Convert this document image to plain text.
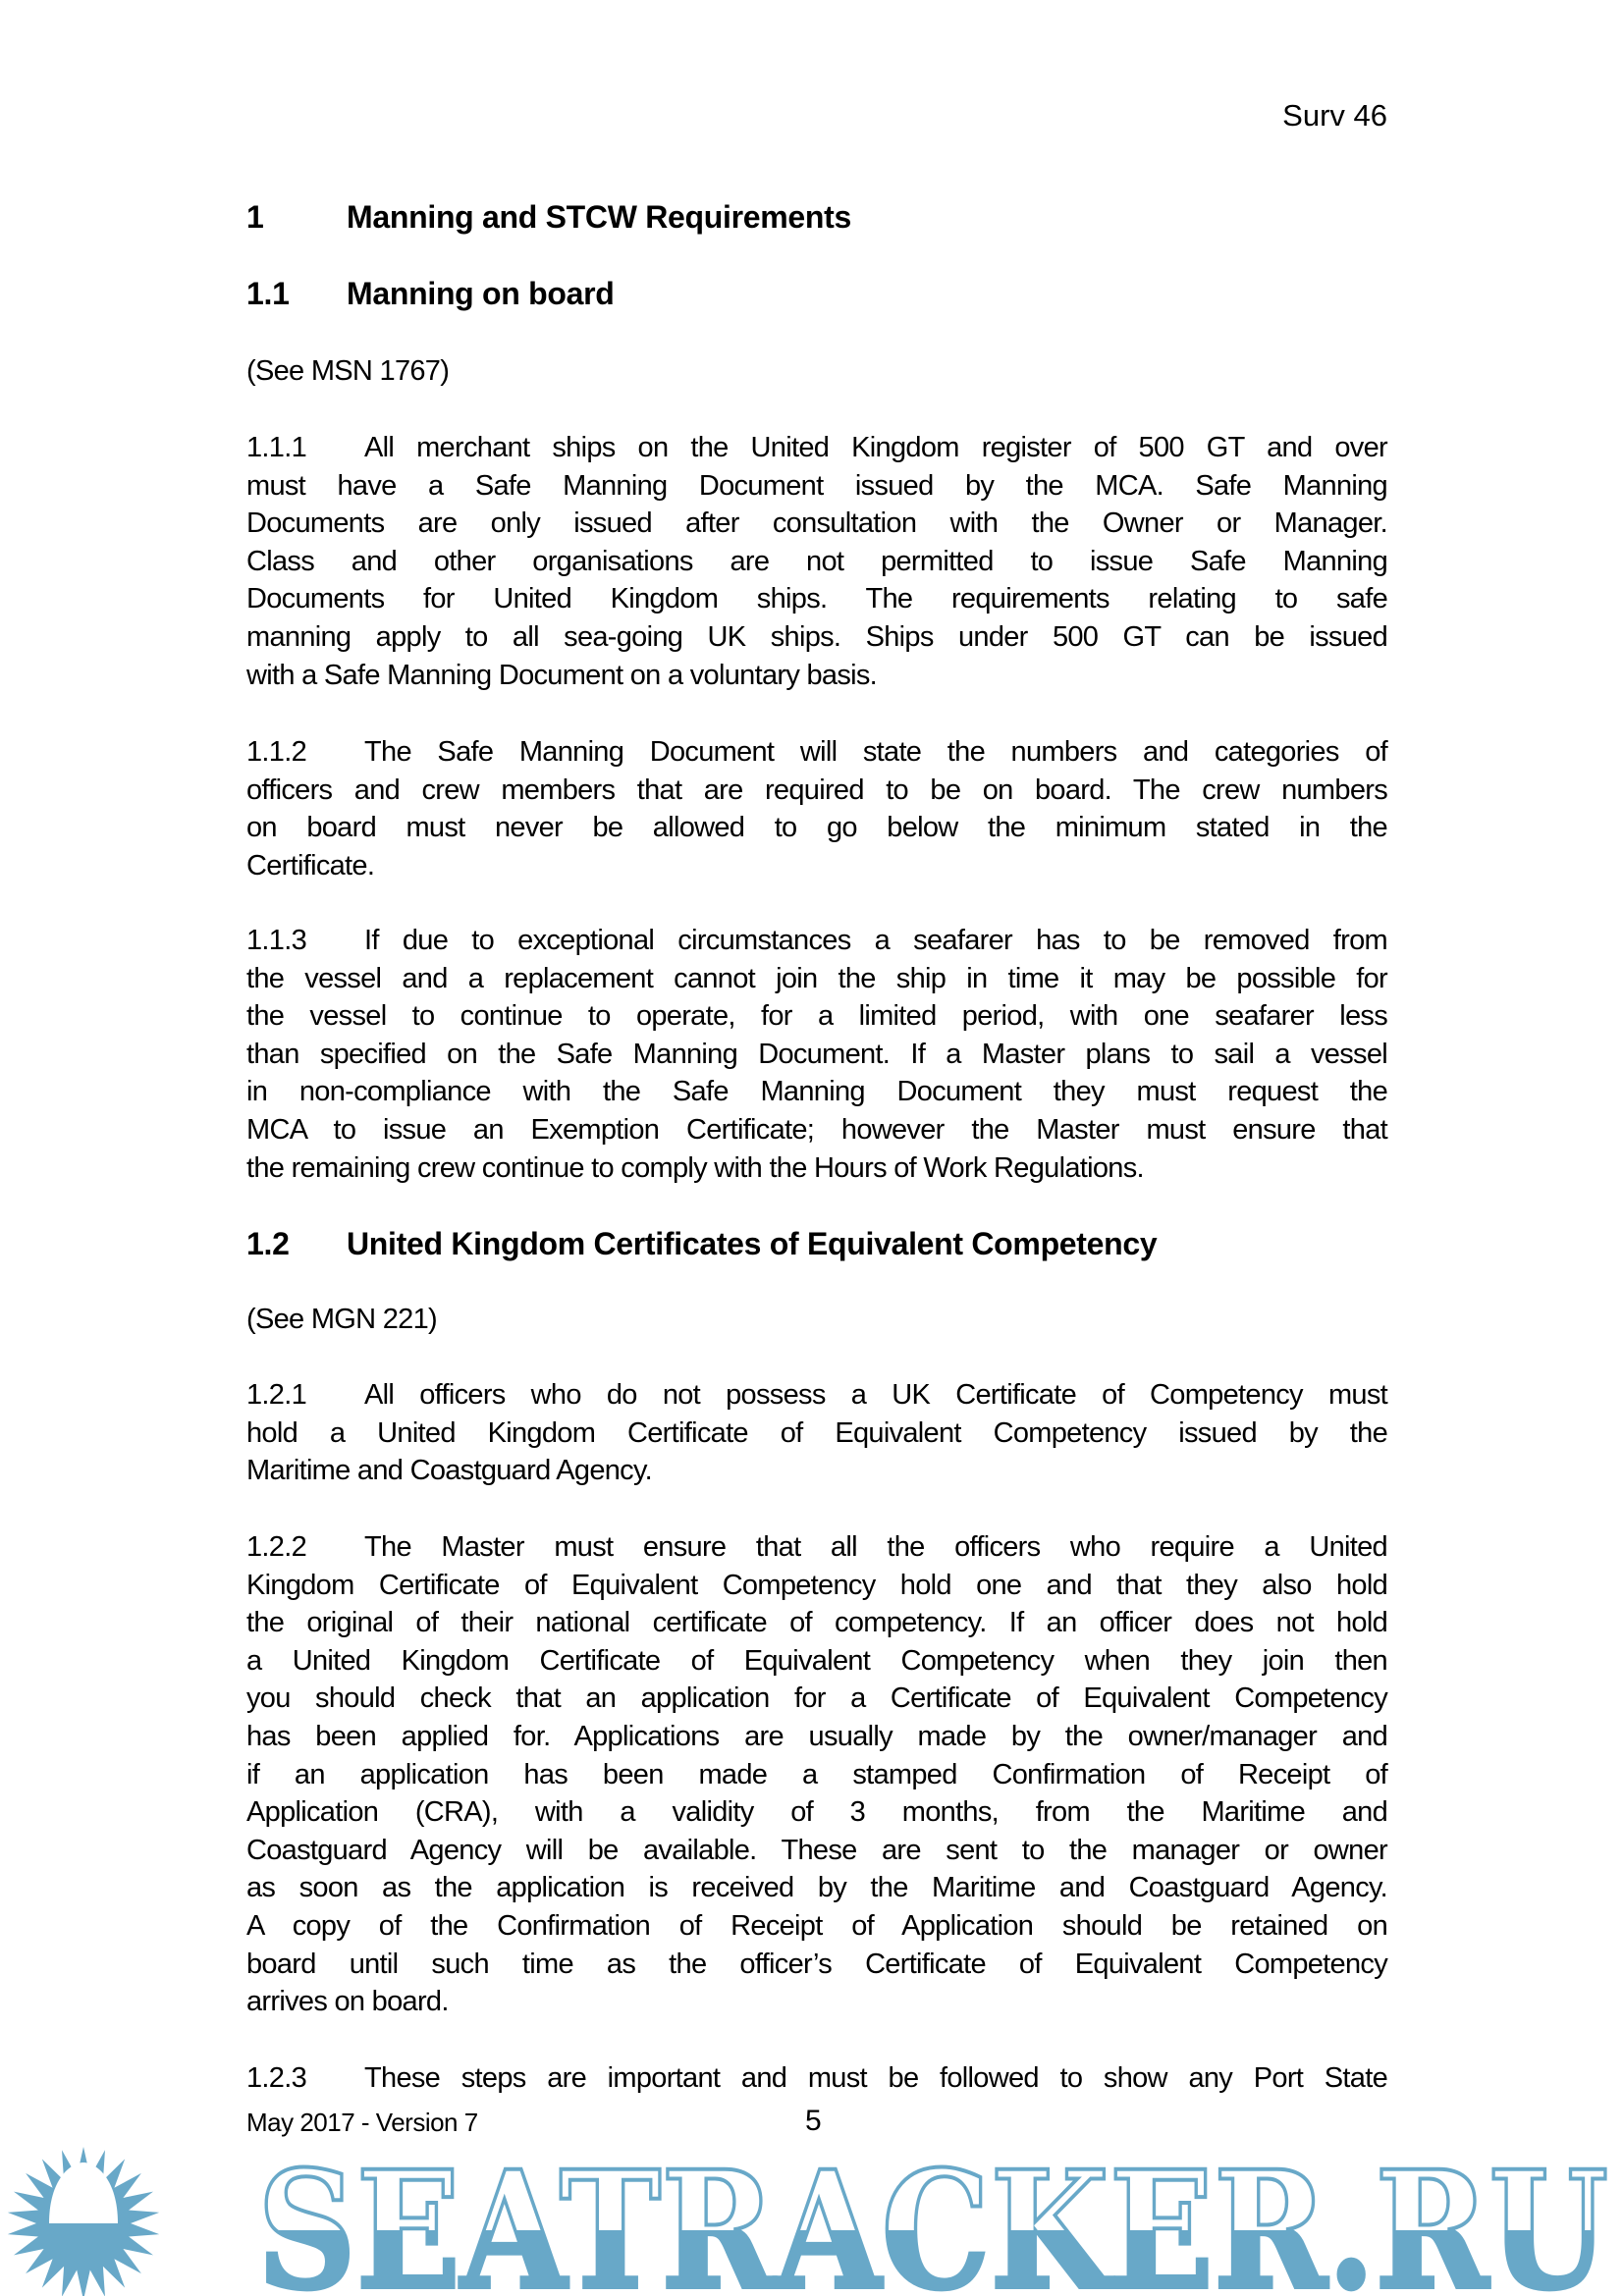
Surv 46
1	Manning and STCW Requirements
1.1 Manning on board
1.2 United Kingdom Certificates of Equivalent Competency
(See MSN 1767)
1.1.1 All merchant ships on the United Kingdom register of 500 GT and over
must have a Safe Manning Document issued by the MCA. Safe Manning
Documents are only issued after consultation with the Owner or Manager.
Class and other organisations are not permitted to issue Safe Manning
Documents for United Kingdom ships. The requirements relating to safe
manning apply to all sea-going UK ships. Ships under 500 GT can be issued
with a Safe Manning Document on a voluntary basis.
1.1.2 The Safe Manning Document will state the numbers and categories of
officers and crew members that are required to be on board. The crew numbers
on board must never be allowed to go below the minimum stated in the
Certificate.
1.1.3 If due to exceptional circumstances a seafarer has to be removed from
the vessel and a replacement cannot join the ship in time it may be possible for
the vessel to continue to operate, for a limited period, with one seafarer less
than specified on the Safe Manning Document. If a Master plans to sail a vessel
in non-compliance with the Safe Manning Document they must request the
MCA to issue an Exemption Certificate; however the Master must ensure that
the remaining crew continue to comply with the Hours of Work Regulations.
(See MGN 221)
1.2.1 All officers who do not possess a UK Certificate of Competency must
hold a United Kingdom Certificate of Equivalent Competency issued by the
Maritime and Coastguard Agency.
1.2.2 The Master must ensure that all the officers who require a United
Kingdom Certificate of Equivalent Competency hold one and that they also hold
the original of their national certificate of competency. If an officer does not hold
a United Kingdom Certificate of Equivalent Competency when they join then
you should check that an application for a Certificate of Equivalent Competency
has been applied for. Applications are usually made by the owner/manager and
if an application has been made a stamped Confirmation of Receipt of
Application (CRA), with a validity of 3 months, from the Maritime and
Coastguard Agency will be available. These are sent to the manager or owner
as soon as the application is received by the Maritime and Coastguard Agency.
A copy of the Confirmation of Receipt of Application should be retained on
board until such time as the officer’s Certificate of Equivalent Competency
arrives on board.
1.2.3 These steps are important and must be followed to show any Port State
May 2017 - Version 7	5
SEATRACKER.RU
